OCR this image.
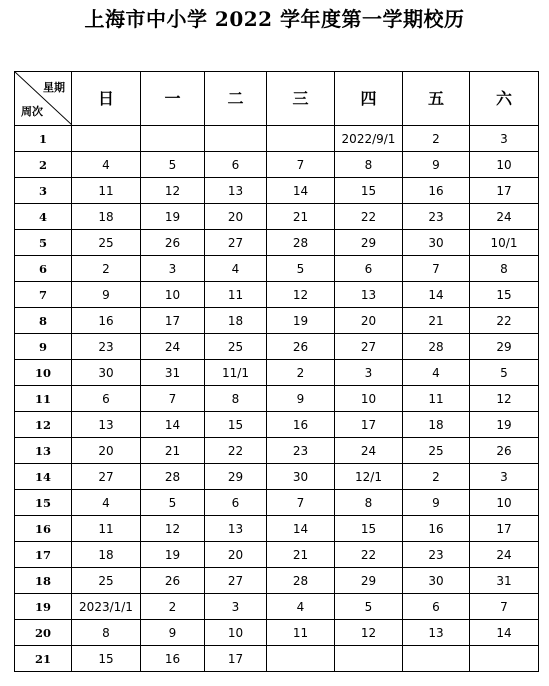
上海市中小学 2022 学年度第一学期校历
星期
周次	日	一	二	三	四	五	六
1					2022/9/1	2	3
2	4	5	6	7	8	9	10
3	11	12	13	14	15	16	17
4	18	19	20	21	22	23	24
5	25	26	27	28	29	30	10/1
6	2	3	4	5	6	7	8
7	9	10	11	12	13	14	15
8	16	17	18	19	20	21	22
9	23	24	25	26	27	28	29
10	30	31	11/1	2	3	4	5
11	6	7	8	9	10	11	12
12	13	14	15	16	17	18	19
13	20	21	22	23	24	25	26
14	27	28	29	30	12/1	2	3
15	4	5	6	7	8	9	10
16	11	12	13	14	15	16	17
17	18	19	20	21	22	23	24
18	25	26	27	28	29	30	31
19	2023/1/1	2	3	4	5	6	7
20	8	9	10	11	12	13	14
21	15	16	17				
